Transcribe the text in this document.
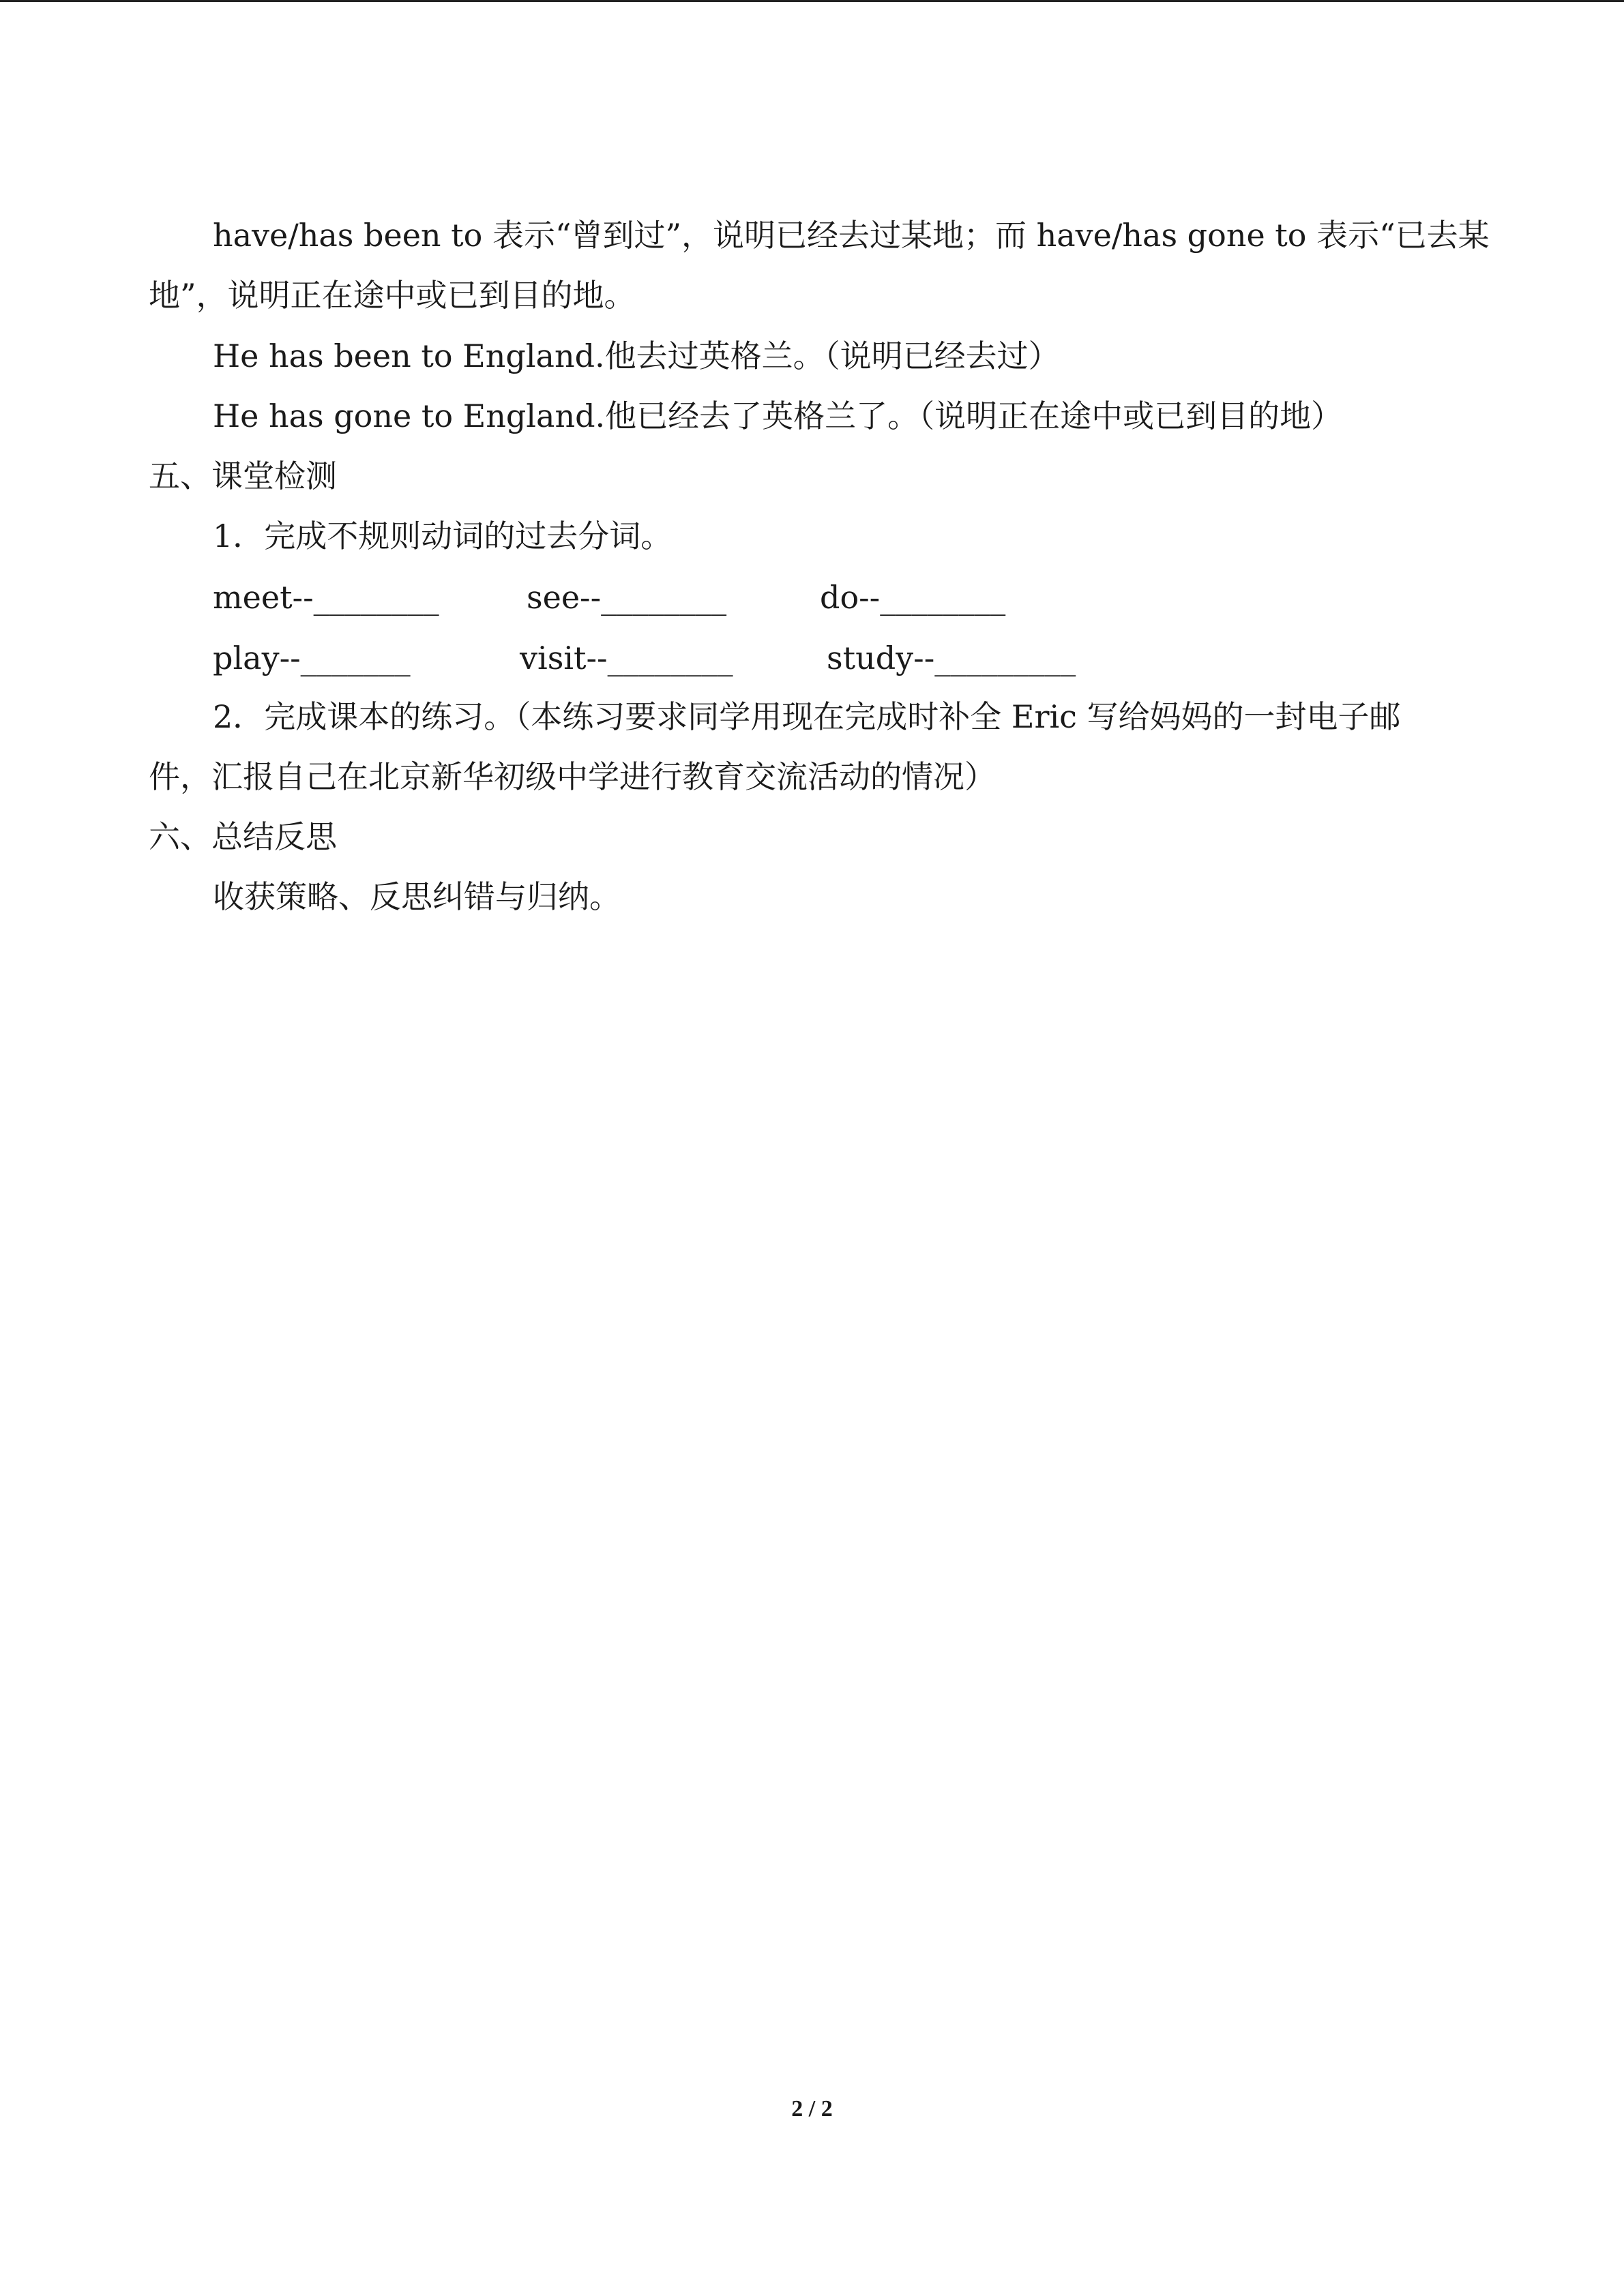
have/has been to 表示“曾到过”，说明已经去过某地；而 have/has gone to 表示“已去某
地”，说明正在途中或已到目的地。
He has been to England.他去过英格兰。（说明已经去过）
He has gone to England.他已经去了英格兰了。（说明正在途中或已到目的地）
五、课堂检测
1．完成不规则动词的过去分词。
meet--________	see--________	do--________
play--_______	visit--________	study--_________
2．完成课本的练习。（本练习要求同学用现在完成时补全 Eric 写给妈妈的一封电子邮
件，汇报自己在北京新华初级中学进行教育交流活动的情况）
六、总结反思
收获策略、反思纠错与归纳。
2 / 2
